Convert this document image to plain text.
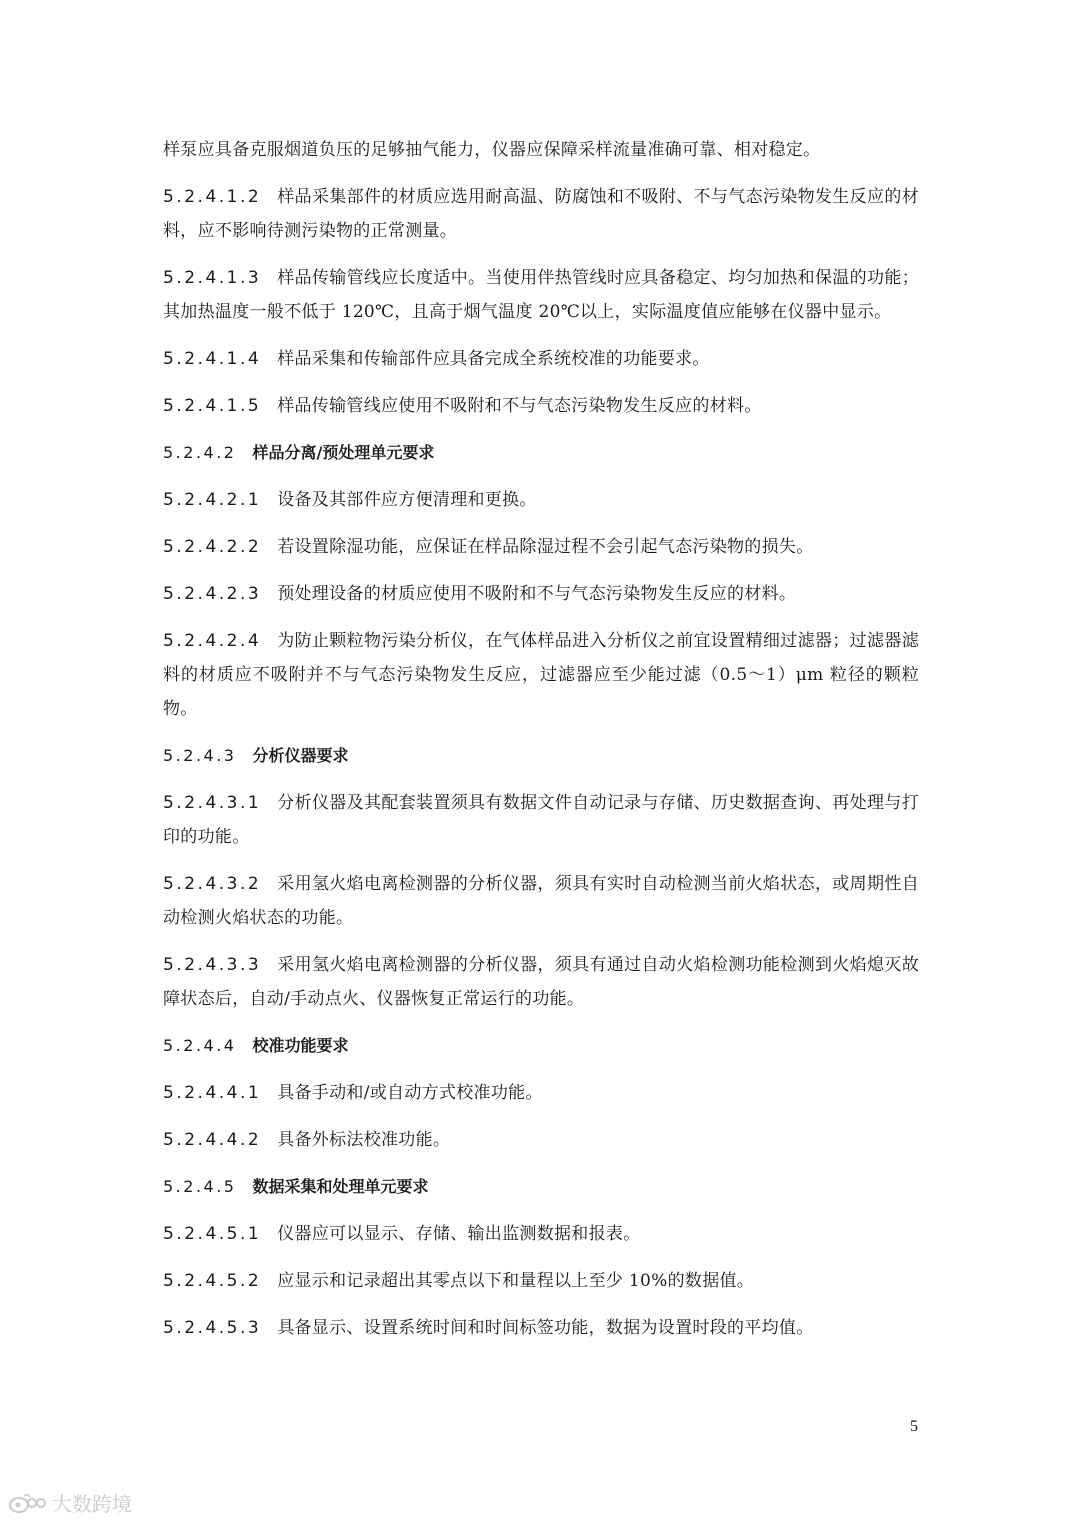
样泵应具备克服烟道负压的足够抽气能力，仪器应保障采样流量准确可靠、相对稳定。

5.2.4.1.2 样品采集部件的材质应选用耐高温、防腐蚀和不吸附、不与气态污染物发生反应的材料，应不影响待测污染物的正常测量。

5.2.4.1.3 样品传输管线应长度适中。当使用伴热管线时应具备稳定、均匀加热和保温的功能；其加热温度一般不低于 120℃，且高于烟气温度 20℃以上，实际温度值应能够在仪器中显示。

5.2.4.1.4 样品采集和传输部件应具备完成全系统校准的功能要求。

5.2.4.1.5 样品传输管线应使用不吸附和不与气态污染物发生反应的材料。

5.2.4.2 样品分离/预处理单元要求

5.2.4.2.1 设备及其部件应方便清理和更换。

5.2.4.2.2 若设置除湿功能，应保证在样品除湿过程不会引起气态污染物的损失。

5.2.4.2.3 预处理设备的材质应使用不吸附和不与气态污染物发生反应的材料。

5.2.4.2.4 为防止颗粒物污染分析仪，在气体样品进入分析仪之前宜设置精细过滤器；过滤器滤料的材质应不吸附并不与气态污染物发生反应，过滤器应至少能过滤（0.5～1）μm 粒径的颗粒物。

5.2.4.3 分析仪器要求

5.2.4.3.1 分析仪器及其配套装置须具有数据文件自动记录与存储、历史数据查询、再处理与打印的功能。

5.2.4.3.2 采用氢火焰电离检测器的分析仪器，须具有实时自动检测当前火焰状态，或周期性自动检测火焰状态的功能。

5.2.4.3.3 采用氢火焰电离检测器的分析仪器，须具有通过自动火焰检测功能检测到火焰熄灭故障状态后，自动/手动点火、仪器恢复正常运行的功能。

5.2.4.4 校准功能要求

5.2.4.4.1 具备手动和/或自动方式校准功能。

5.2.4.4.2 具备外标法校准功能。

5.2.4.5 数据采集和处理单元要求

5.2.4.5.1 仪器应可以显示、存储、输出监测数据和报表。

5.2.4.5.2 应显示和记录超出其零点以下和量程以上至少 10%的数据值。

5.2.4.5.3 具备显示、设置系统时间和时间标签功能，数据为设置时段的平均值。

5
大数跨境
